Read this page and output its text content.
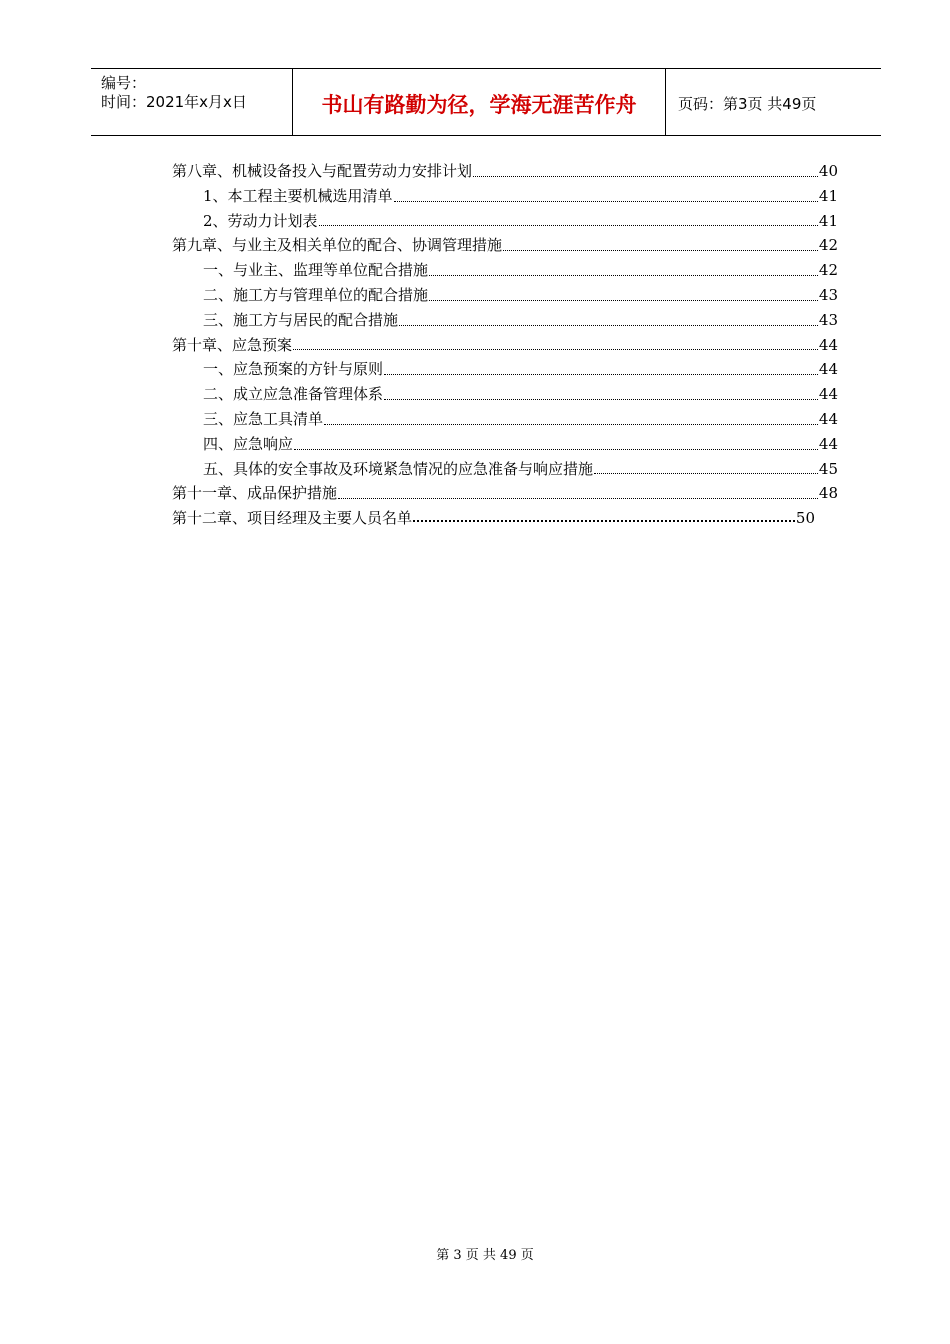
编号：
时间：2021年x月x日	书山有路勤为径，学海无涯苦作舟	页码：第3页 共49页
第八章、机械设备投入与配置劳动力安排计划	40
1、本工程主要机械选用清单	41
2、劳动力计划表	41
第九章、与业主及相关单位的配合、协调管理措施	42
一、与业主、监理等单位配合措施	42
二、施工方与管理单位的配合措施	43
三、施工方与居民的配合措施	43
第十章、应急预案	44
一、应急预案的方针与原则	44
二、成立应急准备管理体系	44
三、应急工具清单	44
四、应急响应	44
五、具体的安全事故及环境紧急情况的应急准备与响应措施	45
第十一章、成品保护措施	48
第十二章、项目经理及主要人员名单	50
第 3 页 共 49 页
